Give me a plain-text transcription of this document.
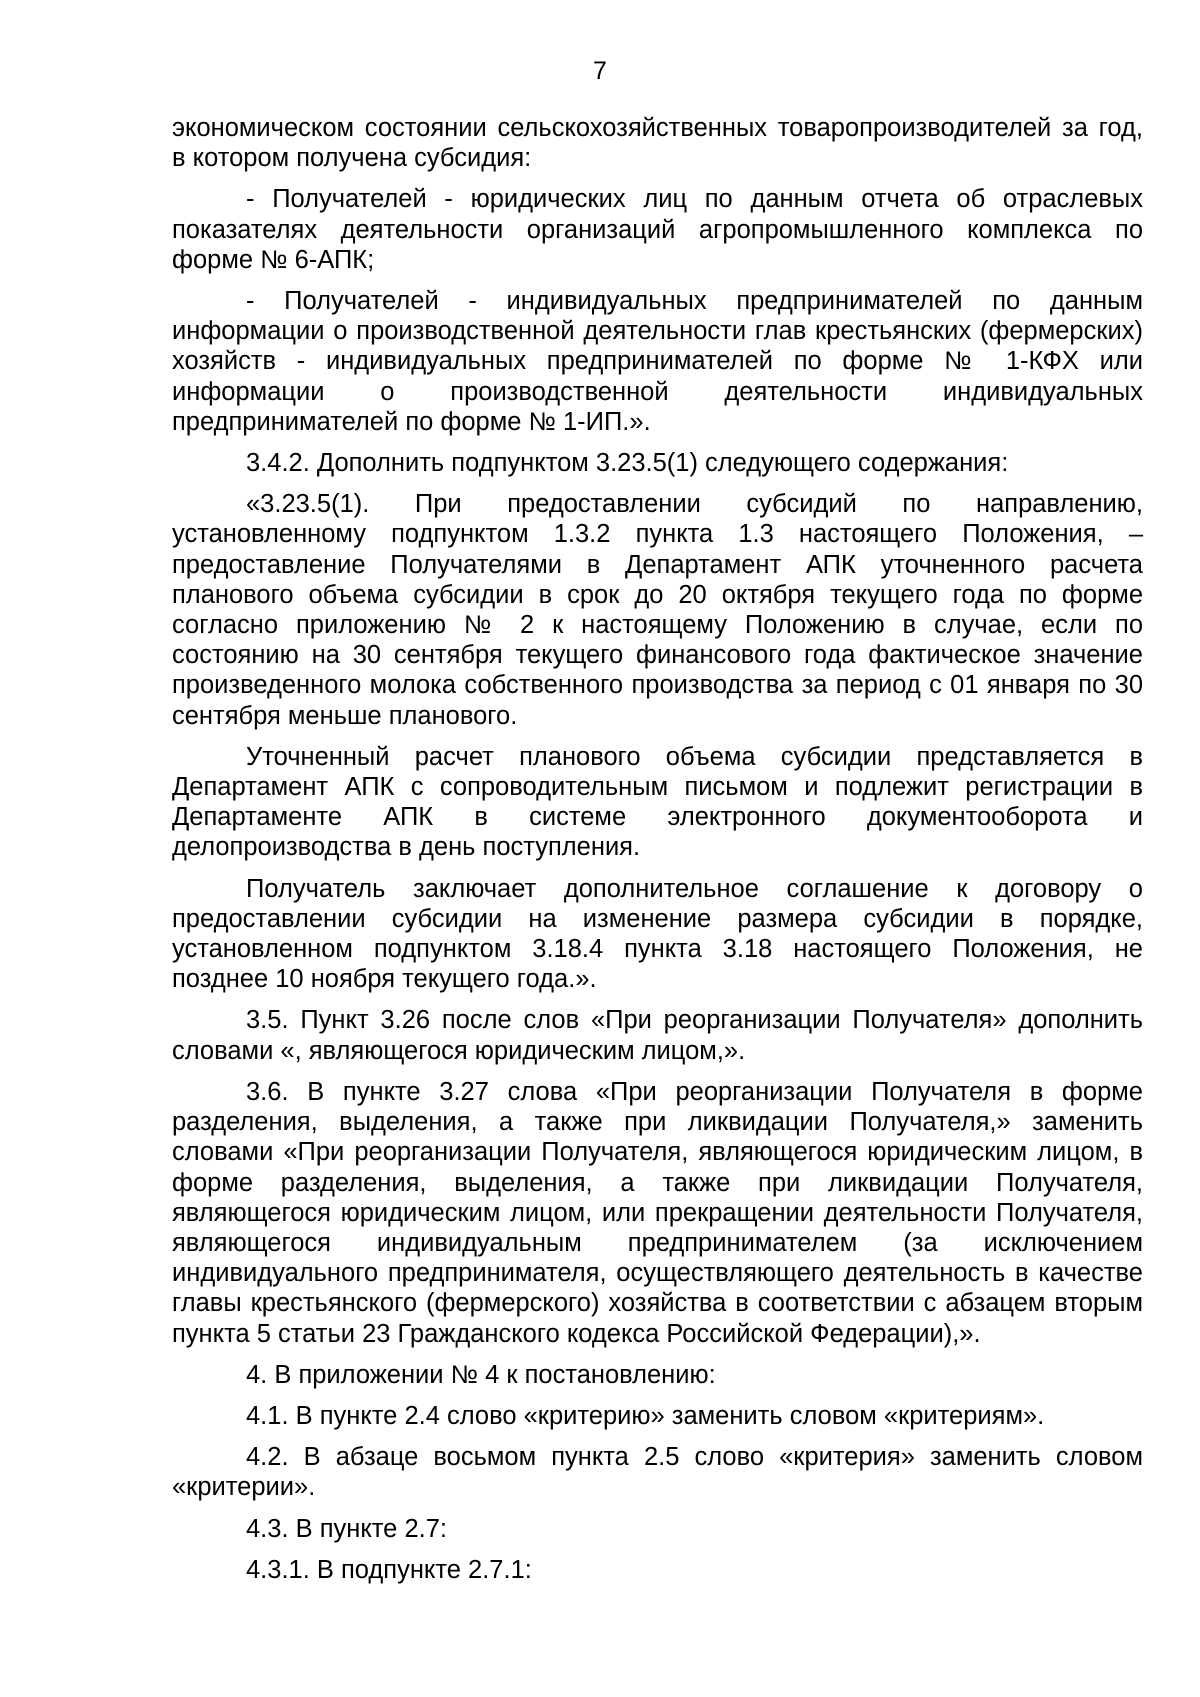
7

экономическом состоянии сельскохозяйственных товаропроизводителей за год, в котором получена субсидия:

- Получателей - юридических лиц по данным отчета об отраслевых показателях деятельности организаций агропромышленного комплекса по форме № 6-АПК;

- Получателей - индивидуальных предпринимателей по данным информации о производственной деятельности глав крестьянских (фермерских) хозяйств - индивидуальных предпринимателей по форме № 1-КФХ или информации о производственной деятельности индивидуальных предпринимателей по форме № 1-ИП.».

3.4.2. Дополнить подпунктом 3.23.5(1) следующего содержания:

«3.23.5(1). При предоставлении субсидий по направлению, установленному подпунктом 1.3.2 пункта 1.3 настоящего Положения, – предоставление Получателями в Департамент АПК уточненного расчета планового объема субсидии в срок до 20 октября текущего года по форме согласно приложению № 2 к настоящему Положению в случае, если по состоянию на 30 сентября текущего финансового года фактическое значение произведенного молока собственного производства за период с 01 января по 30 сентября меньше планового.

Уточненный расчет планового объема субсидии представляется в Департамент АПК с сопроводительным письмом и подлежит регистрации в Департаменте АПК в системе электронного документооборота и делопроизводства в день поступления.

Получатель заключает дополнительное соглашение к договору о предоставлении субсидии на изменение размера субсидии в порядке, установленном подпунктом 3.18.4 пункта 3.18 настоящего Положения, не позднее 10 ноября текущего года.».

3.5. Пункт 3.26 после слов «При реорганизации Получателя» дополнить словами «, являющегося юридическим лицом,».

3.6. В пункте 3.27 слова «При реорганизации Получателя в форме разделения, выделения, а также при ликвидации Получателя,» заменить словами «При реорганизации Получателя, являющегося юридическим лицом, в форме разделения, выделения, а также при ликвидации Получателя, являющегося юридическим лицом, или прекращении деятельности Получателя, являющегося индивидуальным предпринимателем (за исключением индивидуального предпринимателя, осуществляющего деятельность в качестве главы крестьянского (фермерского) хозяйства в соответствии с абзацем вторым пункта 5 статьи 23 Гражданского кодекса Российской Федерации),».

4. В приложении № 4 к постановлению:

4.1. В пункте 2.4 слово «критерию» заменить словом «критериям».

4.2. В абзаце восьмом пункта 2.5 слово «критерия» заменить словом «критерии».

4.3. В пункте 2.7:

4.3.1. В подпункте 2.7.1:
